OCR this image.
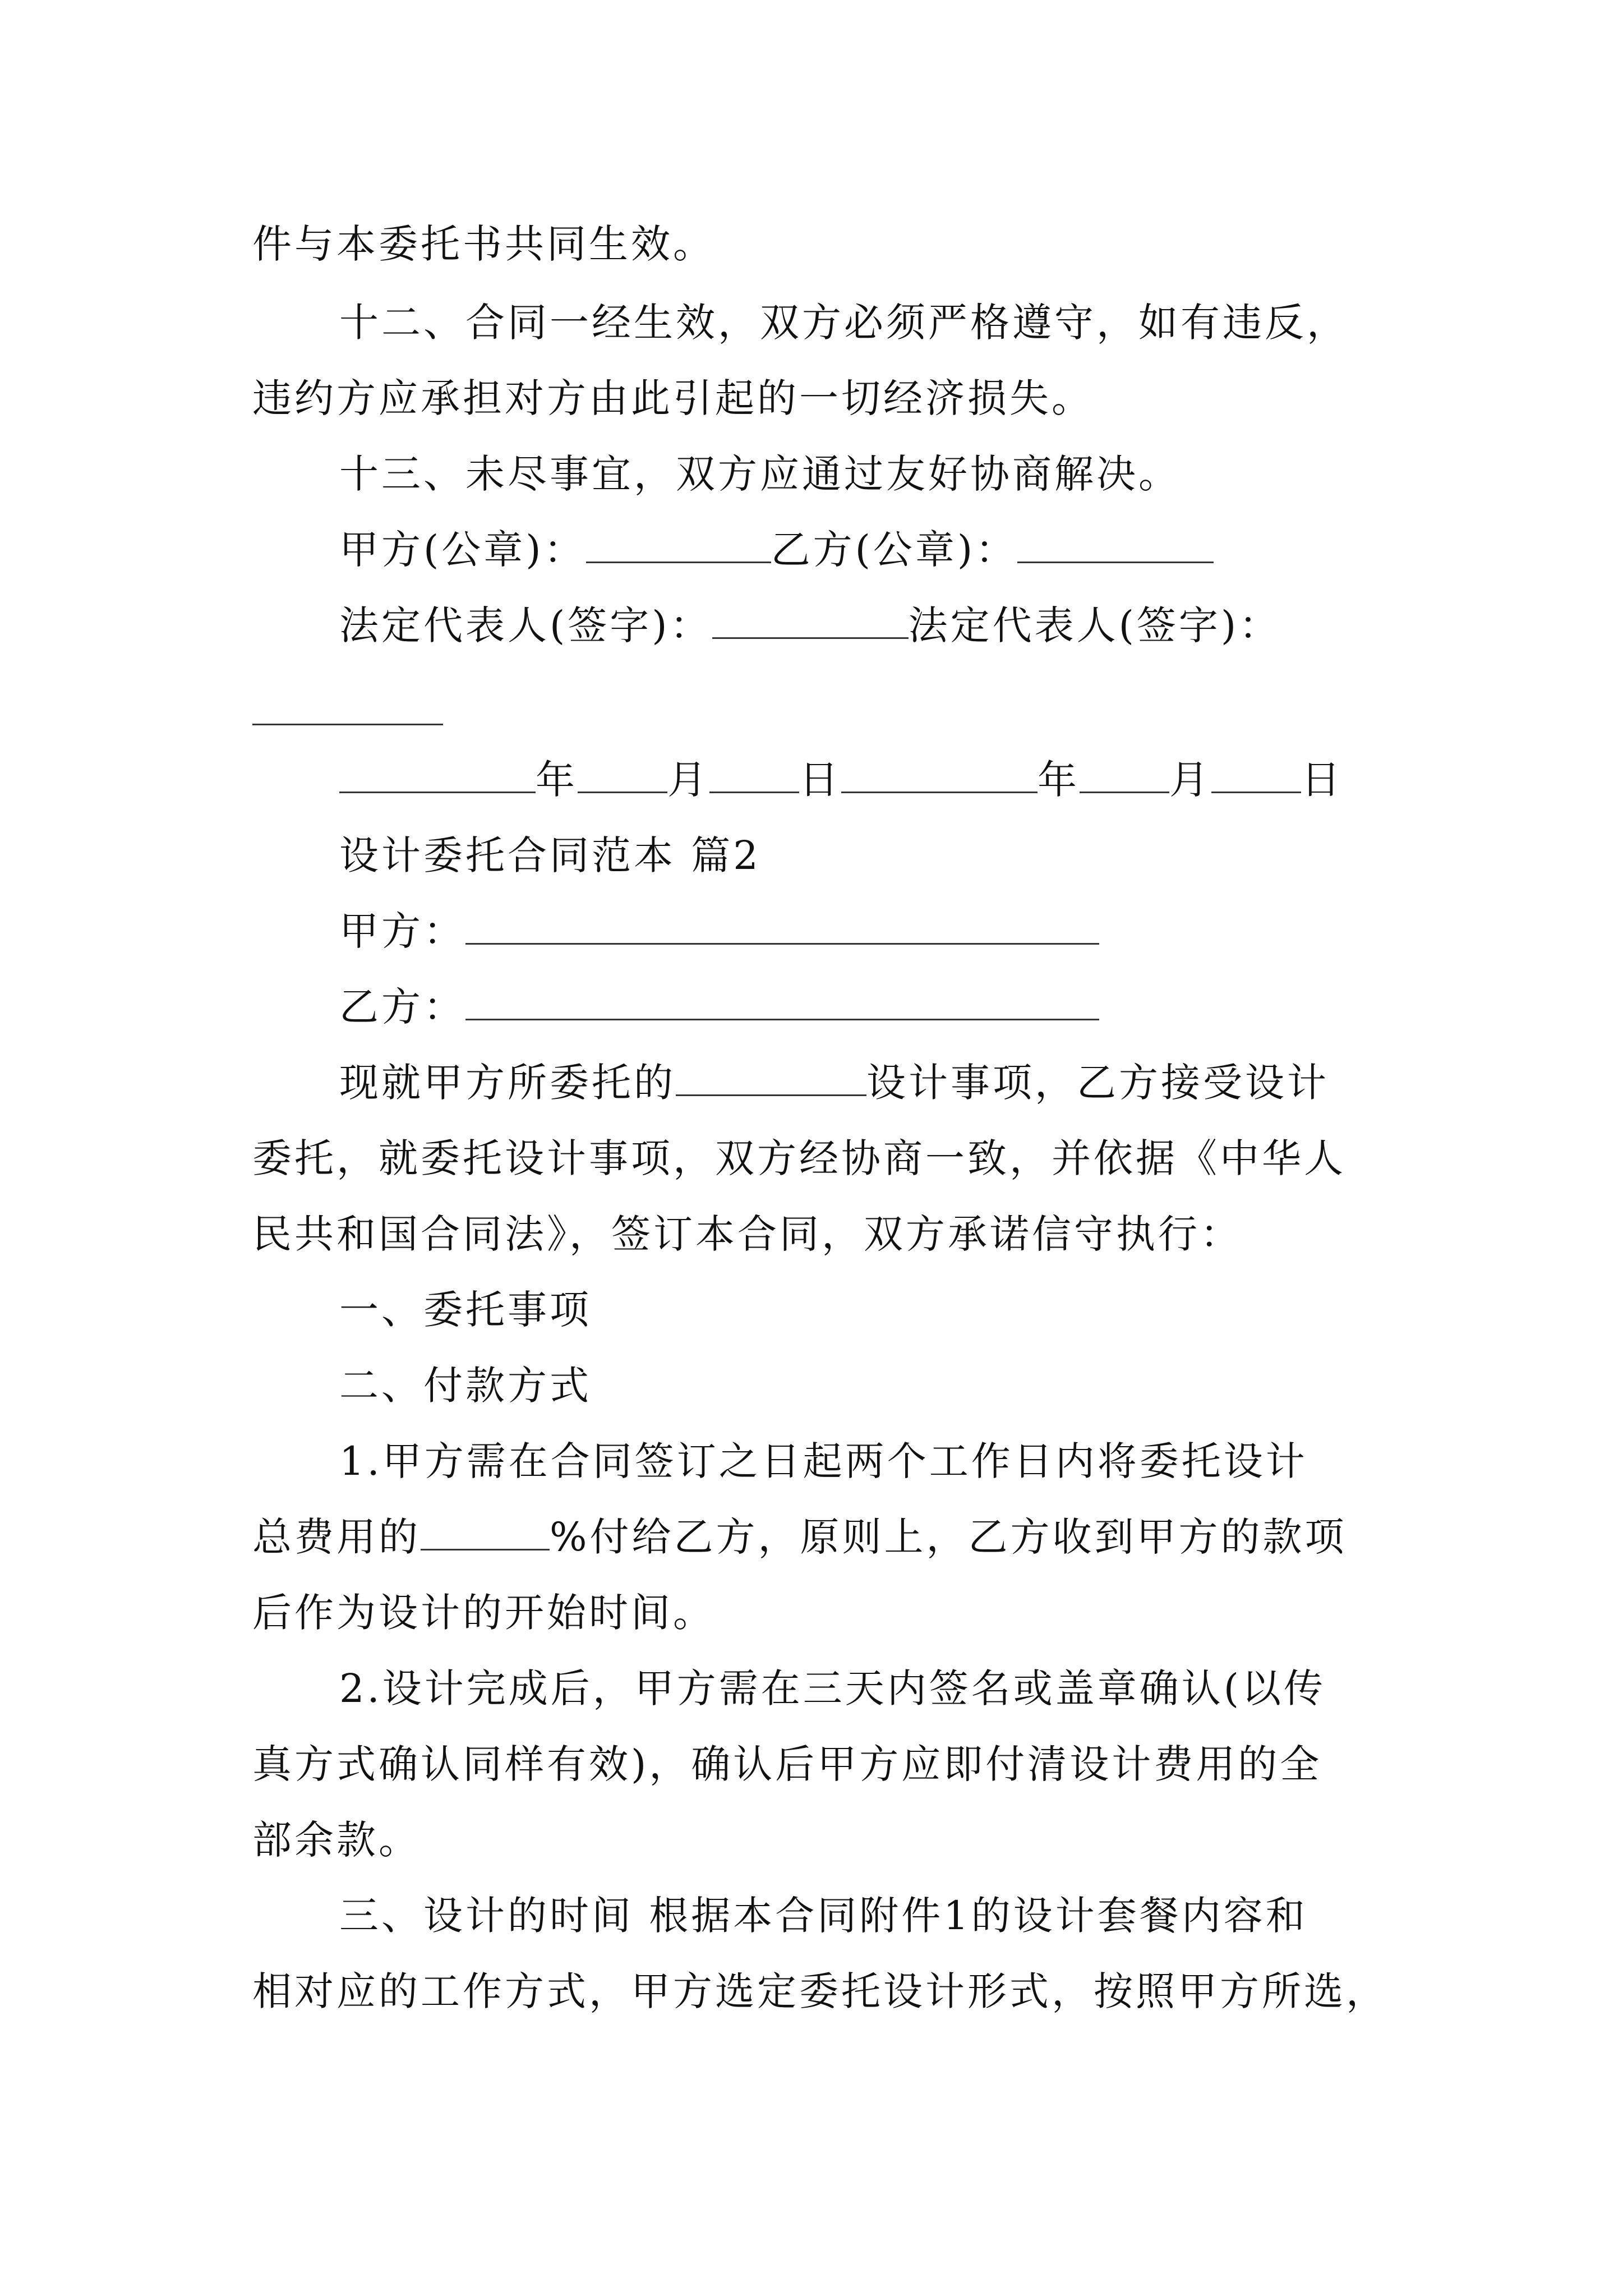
件与本委托书共同生效。
十二、合同一经生效，双方必须严格遵守，如有违反，
违约方应承担对方由此引起的一切经济损失。
十三、未尽事宜，双方应通过友好协商解决。
甲方(公章)：	乙方(公章)：
法定代表人(签字)：	法定代表人(签字)：
年 月 日	年 月 日
设计委托合同范本 篇2
甲方：
乙方：
现就甲方所委托的	设计事项，乙方接受设计
委托，就委托设计事项，双方经协商一致，并依据《中华人
民共和国合同法》，签订本合同，双方承诺信守执行：
一、委托事项
二、付款方式
1.甲方需在合同签订之日起两个工作日内将委托设计
总费用的	%付给乙方，原则上，乙方收到甲方的款项
后作为设计的开始时间。
2.设计完成后，甲方需在三天内签名或盖章确认(以传
真方式确认同样有效)，确认后甲方应即付清设计费用的全
部余款。
三、设计的时间 根据本合同附件1的设计套餐内容和
相对应的工作方式，甲方选定委托设计形式，按照甲方所选，
